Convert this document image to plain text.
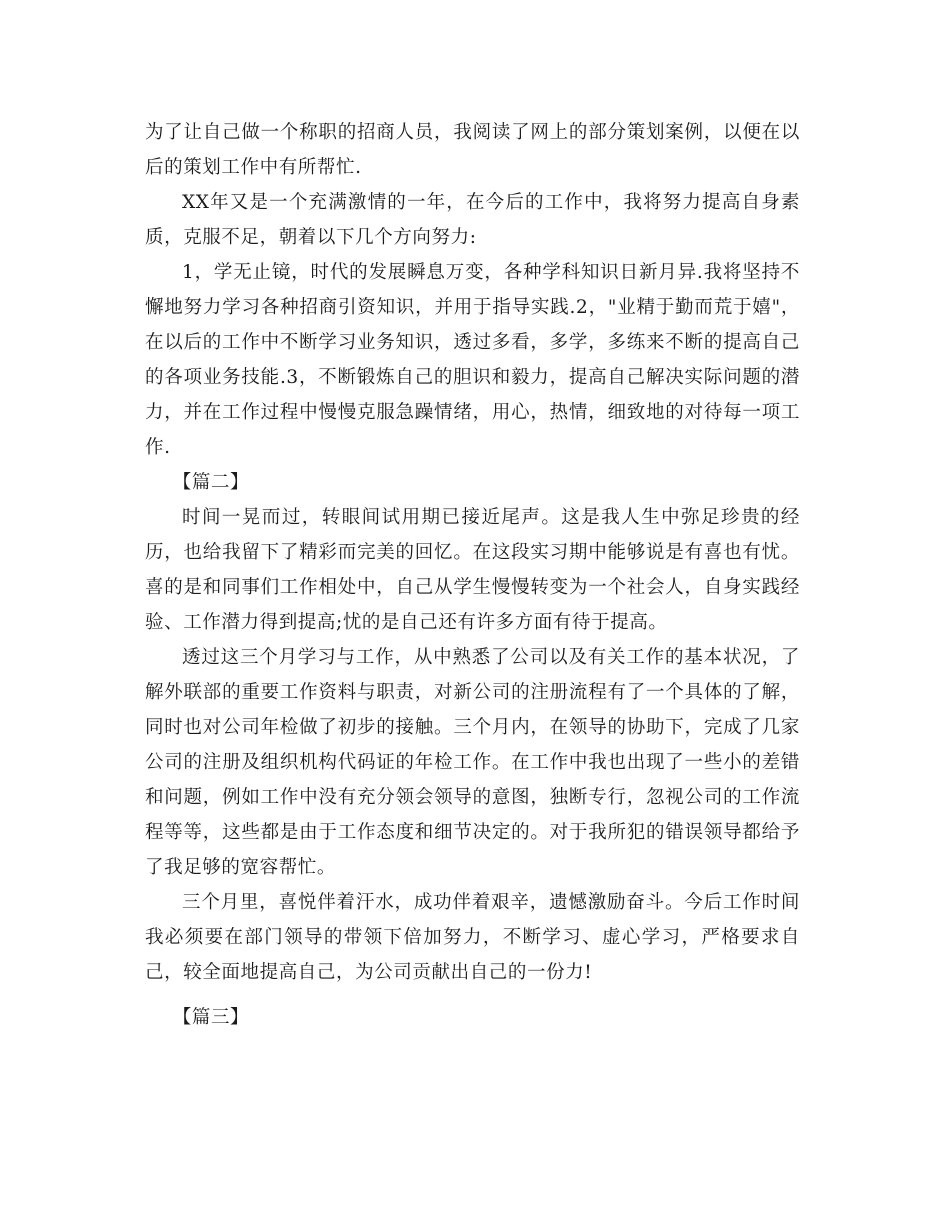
为了让自己做一个称职的招商人员，我阅读了网上的部分策划案例，以便在以后的策划工作中有所帮忙.

XX年又是一个充满激情的一年，在今后的工作中，我将努力提高自身素质，克服不足，朝着以下几个方向努力:

1，学无止镜，时代的发展瞬息万变，各种学科知识日新月异.我将坚持不懈地努力学习各种招商引资知识，并用于指导实践.2，"业精于勤而荒于嬉"，在以后的工作中不断学习业务知识，透过多看，多学，多练来不断的提高自己的各项业务技能.3，不断锻炼自己的胆识和毅力，提高自己解决实际问题的潜力，并在工作过程中慢慢克服急躁情绪，用心，热情，细致地的对待每一项工作.

【篇二】

时间一晃而过，转眼间试用期已接近尾声。这是我人生中弥足珍贵的经历，也给我留下了精彩而完美的回忆。在这段实习期中能够说是有喜也有忧。喜的是和同事们工作相处中，自己从学生慢慢转变为一个社会人，自身实践经验、工作潜力得到提高;忧的是自己还有许多方面有待于提高。

透过这三个月学习与工作，从中熟悉了公司以及有关工作的基本状况，了解外联部的重要工作资料与职责，对新公司的注册流程有了一个具体的了解，同时也对公司年检做了初步的接触。三个月内，在领导的协助下，完成了几家公司的注册及组织机构代码证的年检工作。在工作中我也出现了一些小的差错和问题，例如工作中没有充分领会领导的意图，独断专行，忽视公司的工作流程等等，这些都是由于工作态度和细节决定的。对于我所犯的错误领导都给予了我足够的宽容帮忙。

三个月里，喜悦伴着汗水，成功伴着艰辛，遗憾激励奋斗。今后工作时间我必须要在部门领导的带领下倍加努力，不断学习、虚心学习，严格要求自己，较全面地提高自己，为公司贡献出自己的一份力!

【篇三】
